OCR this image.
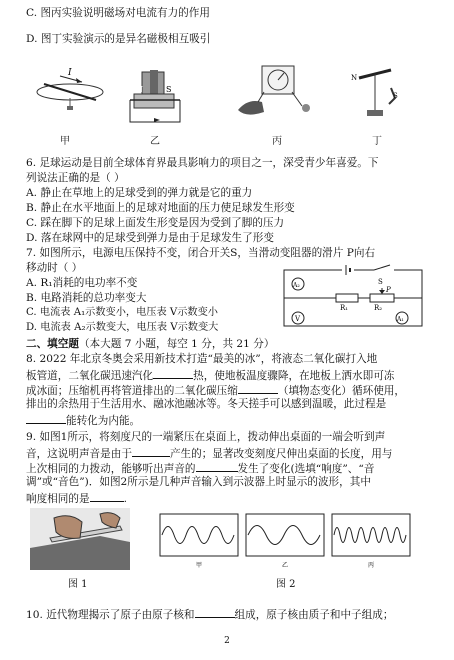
C. 图丙实验说明磁场对电流有力的作用
D. 图丁实验演示的是异名磁极相互吸引
I
甲
N	S
乙	丙
N
S
丁
6. 足球运动是目前全球体育界最具影响力的项目之一，深受青少年喜爱。下
列说法正确的是（ ）
A. 静止在草地上的足球受到的弹力就是它的重力
B. 静止在水平地面上的足球对地面的压力使足球发生形变
C. 踩在脚下的足球上面发生形变是因为受到了脚的压力
D. 落在球网中的足球受到弹力是由于足球发生了形变
7. 如图所示，电源电压保持不变，闭合开关S，当滑动变阻器的滑片 P向右
移动时（ ）
A. R₁消耗的电功率不变
B. 电路消耗的总功率变大
C. 电流表 A₁示数变小，电压表 V示数变小
D. 电流表 A₂示数变大，电压表 V示数变大
S
A₂
P
R₁	R₂
V	A₁
二、填空题（本大题 7 小题，每空 1 分，共 21 分）
8. 2022 年北京冬奥会采用新技术打造“最美的冰”，将液态二氧化碳打入地
板管道，二氧化碳迅速汽化	热，使地板温度骤降，在地板上洒水即可冻
成冰面；压缩机再将管道排出的二氧化碳压缩	（填物态变化）循环使用，
排出的余热用于生活用水、融冰池融冰等。冬天搓手可以感到温暖，此过程是
能转化为内能。
9. 如图1所示，将刻度尺的一端紧压在桌面上，拨动伸出桌面的一端会听到声
音，这说明声音是由于	产生的；显著改变刻度尺伸出桌面的长度，用与
上次相同的力拨动，能够听出声音的	发生了变化(选填“响度”、“音
调”或“音色”)．如图2所示是几种声音输入到示波器上时显示的波形，其中
响度相同的是	.
图 1
甲	乙	丙
图 2
10. 近代物理揭示了原子由原子核和	组成，原子核由质子和中子组成；
2
